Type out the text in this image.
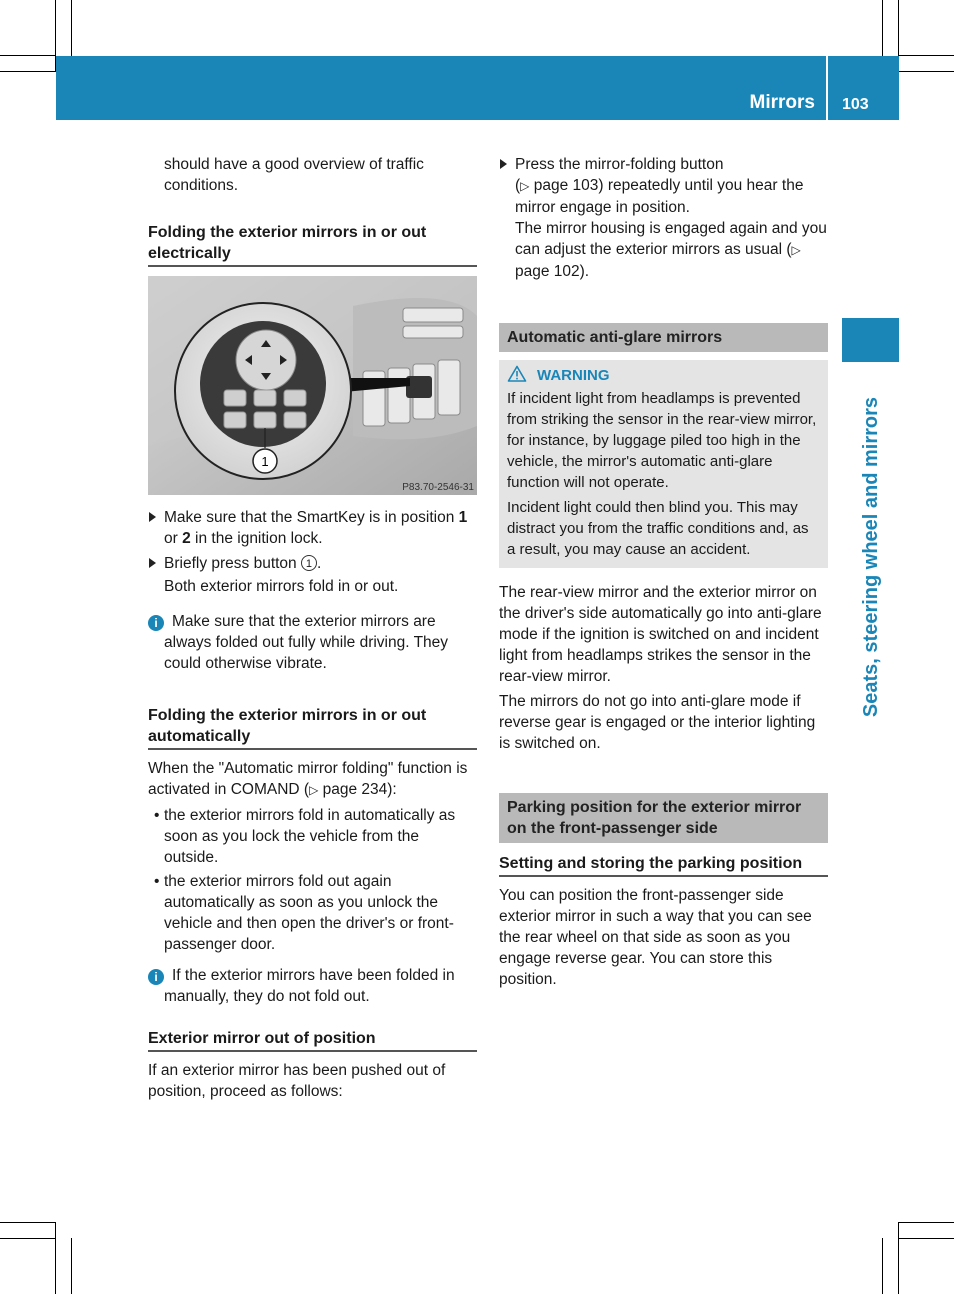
Mirrors 103
Seats, steering wheel and mirrors

should have a good overview of traffic conditions.

Folding the exterior mirrors in or out electrically
1
P83.70-2546-31

Make sure that the SmartKey is in position 1 or 2 in the ignition lock.

Briefly press button 1 .

Both exterior mirrors fold in or out.

i Make sure that the exterior mirrors are always folded out fully while driving. They could otherwise vibrate.

Folding the exterior mirrors in or out automatically

When the "Automatic mirror folding" function is activated in COMAND (▷ page 234):

• the exterior mirrors fold in automatically as soon as you lock the vehicle from the outside.

• the exterior mirrors fold out again automatically as soon as you unlock the vehicle and then open the driver's or front-passenger door.

i If the exterior mirrors have been folded in manually, they do not fold out.

Exterior mirror out of position

If an exterior mirror has been pushed out of position, proceed as follows:

Press the mirror-folding button
(▷ page 103) repeatedly until you hear the mirror engage in position.

The mirror housing is engaged again and you can adjust the exterior mirrors as usual (▷ page 102).

Automatic anti-glare mirrors
WARNING

If incident light from headlamps is prevented from striking the sensor in the rear-view mirror, for instance, by luggage piled too high in the vehicle, the mirror's automatic anti-glare function will not operate.

Incident light could then blind you. This may distract you from the traffic conditions and, as a result, you may cause an accident.

The rear-view mirror and the exterior mirror on the driver's side automatically go into anti-glare mode if the ignition is switched on and incident light from headlamps strikes the sensor in the rear-view mirror.

The mirrors do not go into anti-glare mode if reverse gear is engaged or the interior lighting is switched on.

Parking position for the exterior mirror on the front-passenger side
Setting and storing the parking position

You can position the front-passenger side exterior mirror in such a way that you can see the rear wheel on that side as soon as you engage reverse gear. You can store this position.
